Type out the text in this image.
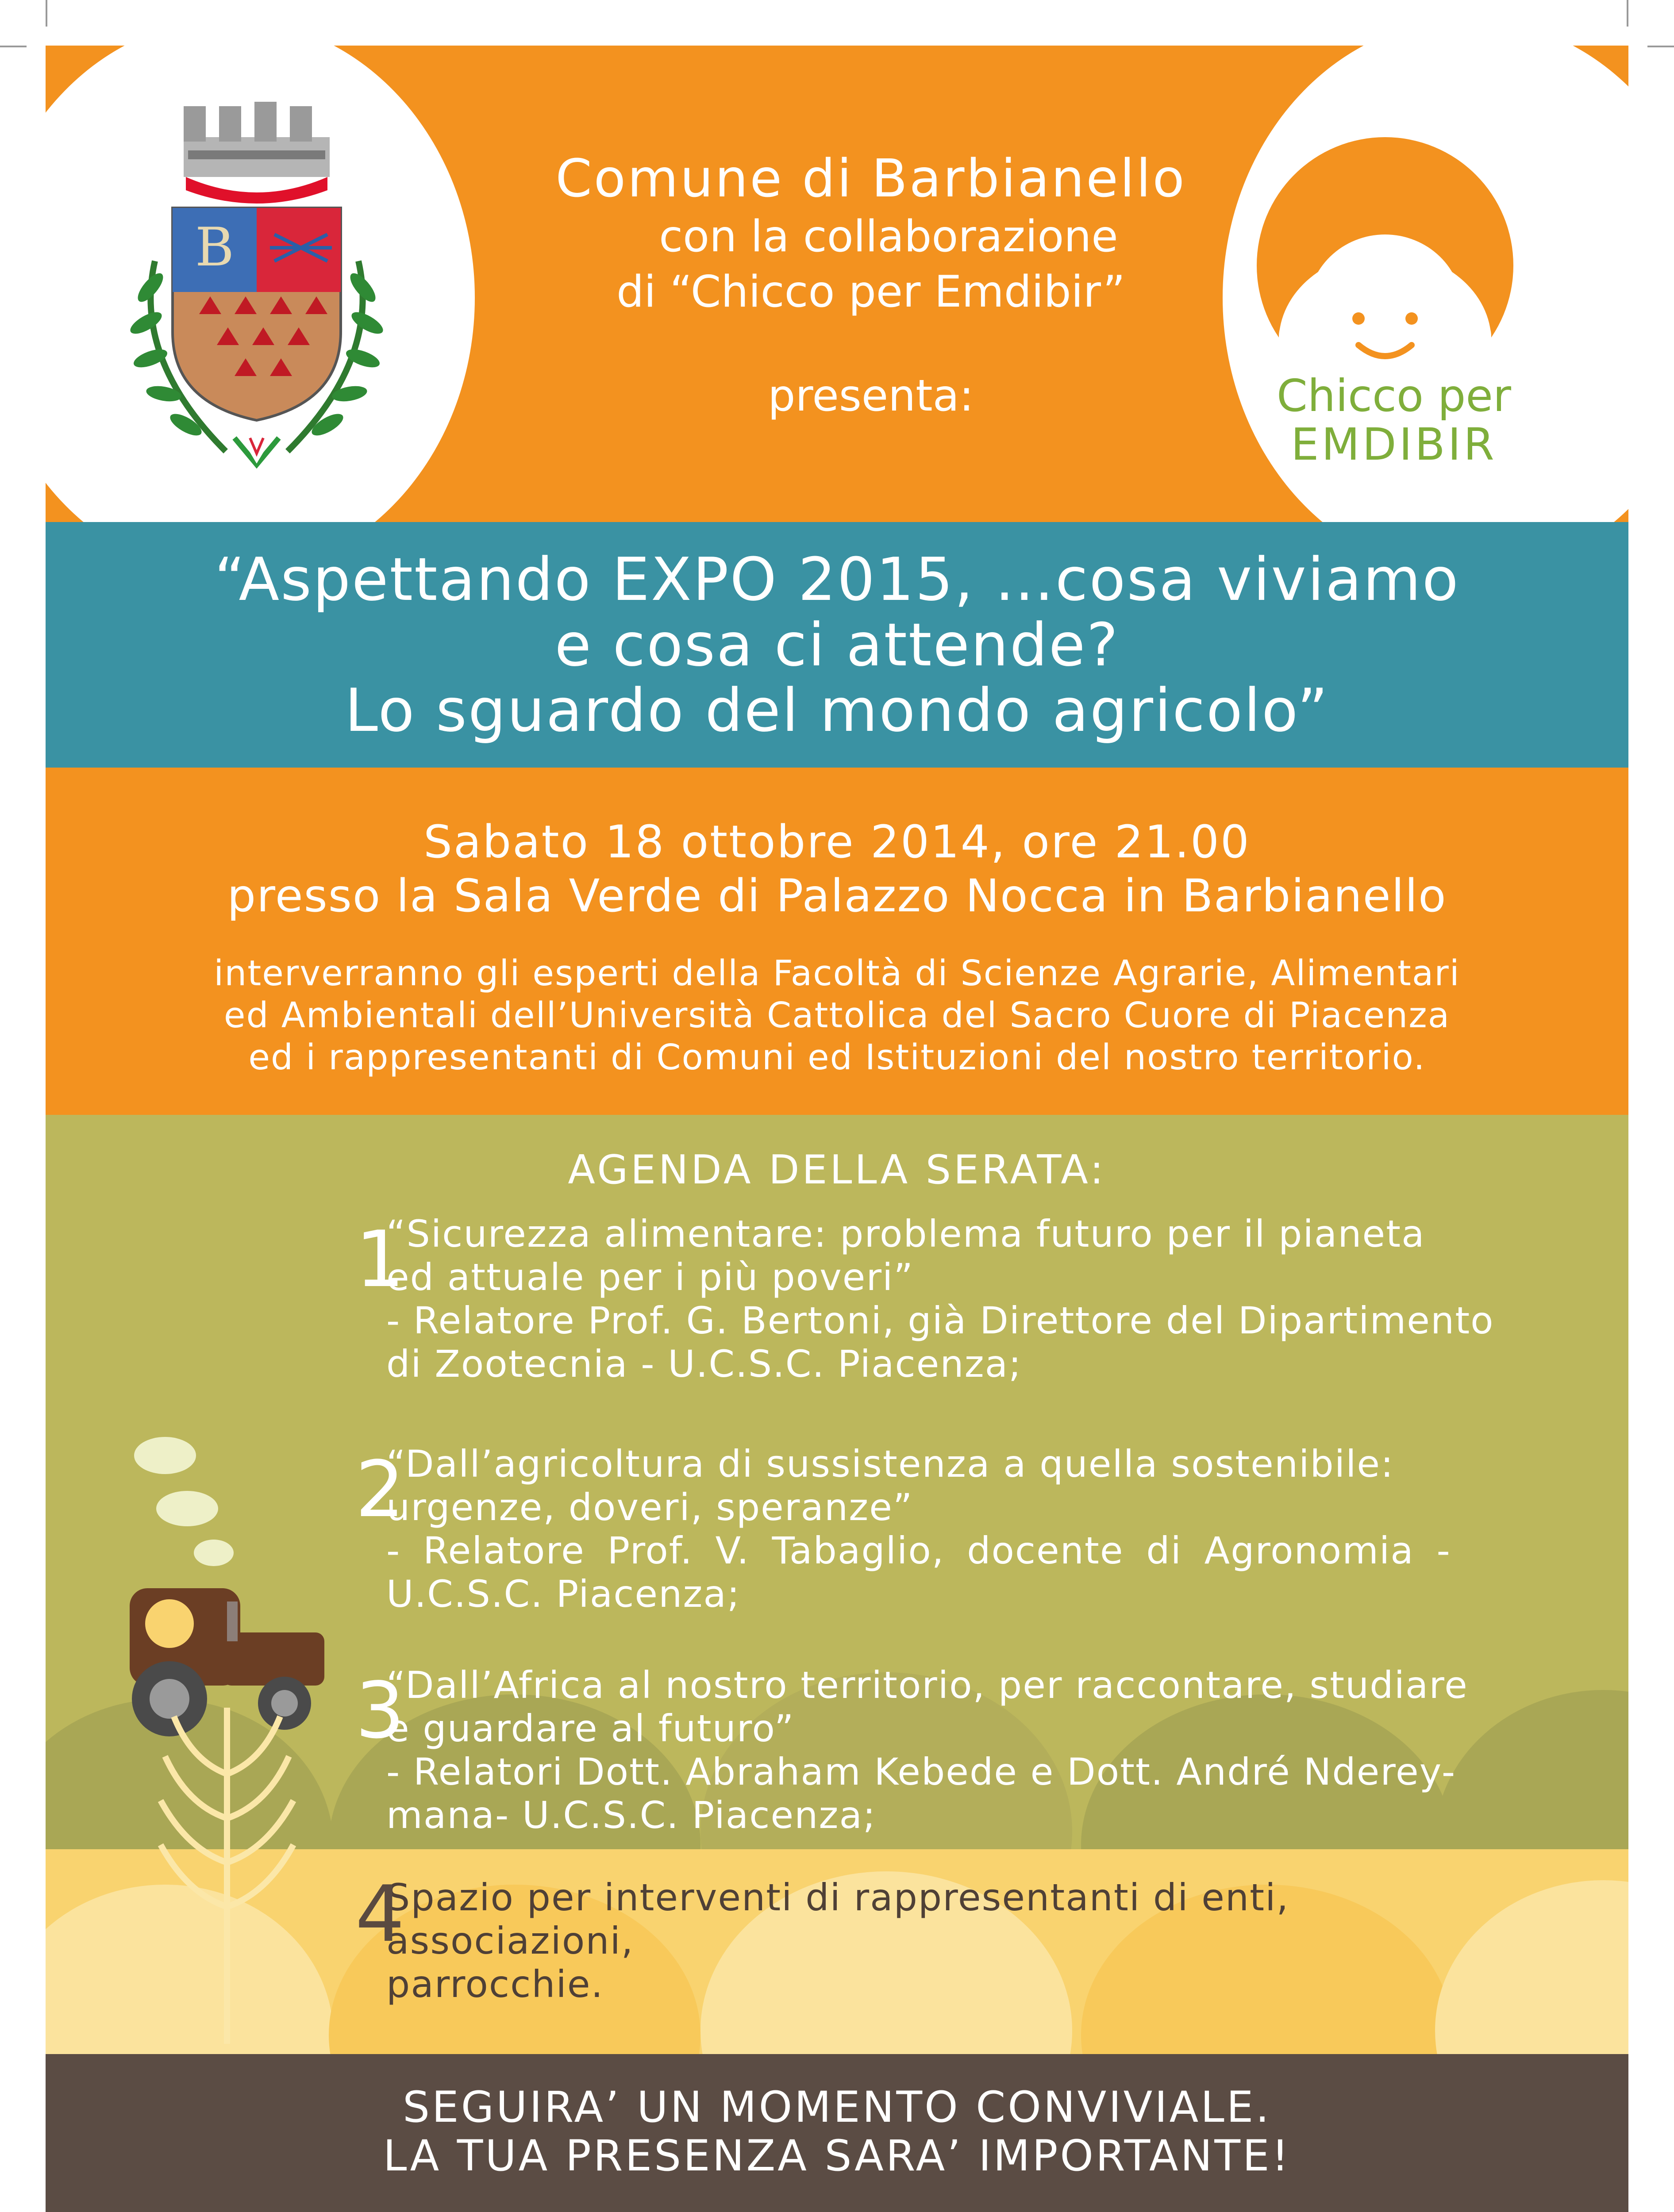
Comune di Barbianello
con la collaborazione
di “Chicco per Emdibir”
presenta:
B
Chicco per
EMDIBIR
“Aspettando EXPO 2015, …cosa viviamo
e cosa ci attende?
Lo sguardo del mondo agricolo”
Sabato 18 ottobre 2014, ore 21.00
presso la Sala Verde di Palazzo Nocca in Barbianello
interverranno gli esperti della Facoltà di Scienze Agrarie, Alimentari
ed Ambientali dell’Università Cattolica del Sacro Cuore di Piacenza
ed i rappresentanti di Comuni ed Istituzioni del nostro territorio.
AGENDA DELLA SERATA:
1

“Sicurezza alimentare: problema futuro per il pianeta

ed attuale per i più poveri”

- Relatore Prof. G. Bertoni, già Direttore del Dipartimento

di Zootecnia - U.C.S.C. Piacenza;

2

“Dall’agricoltura di sussistenza a quella sostenibile:

urgenze, doveri, speranze”

- Relatore Prof. V. Tabaglio, docente di Agronomia -

U.C.S.C. Piacenza;

3

“Dall’Africa al nostro territorio, per raccontare, studiare

e guardare al futuro”

- Relatori Dott. Abraham Kebede e Dott. André Nderey-

mana- U.C.S.C. Piacenza;

4

Spazio per interventi di rappresentanti di enti, associazioni,

parrocchie.

SEGUIRA’ UN MOMENTO CONVIVIALE.
LA TUA PRESENZA SARA’ IMPORTANTE!
